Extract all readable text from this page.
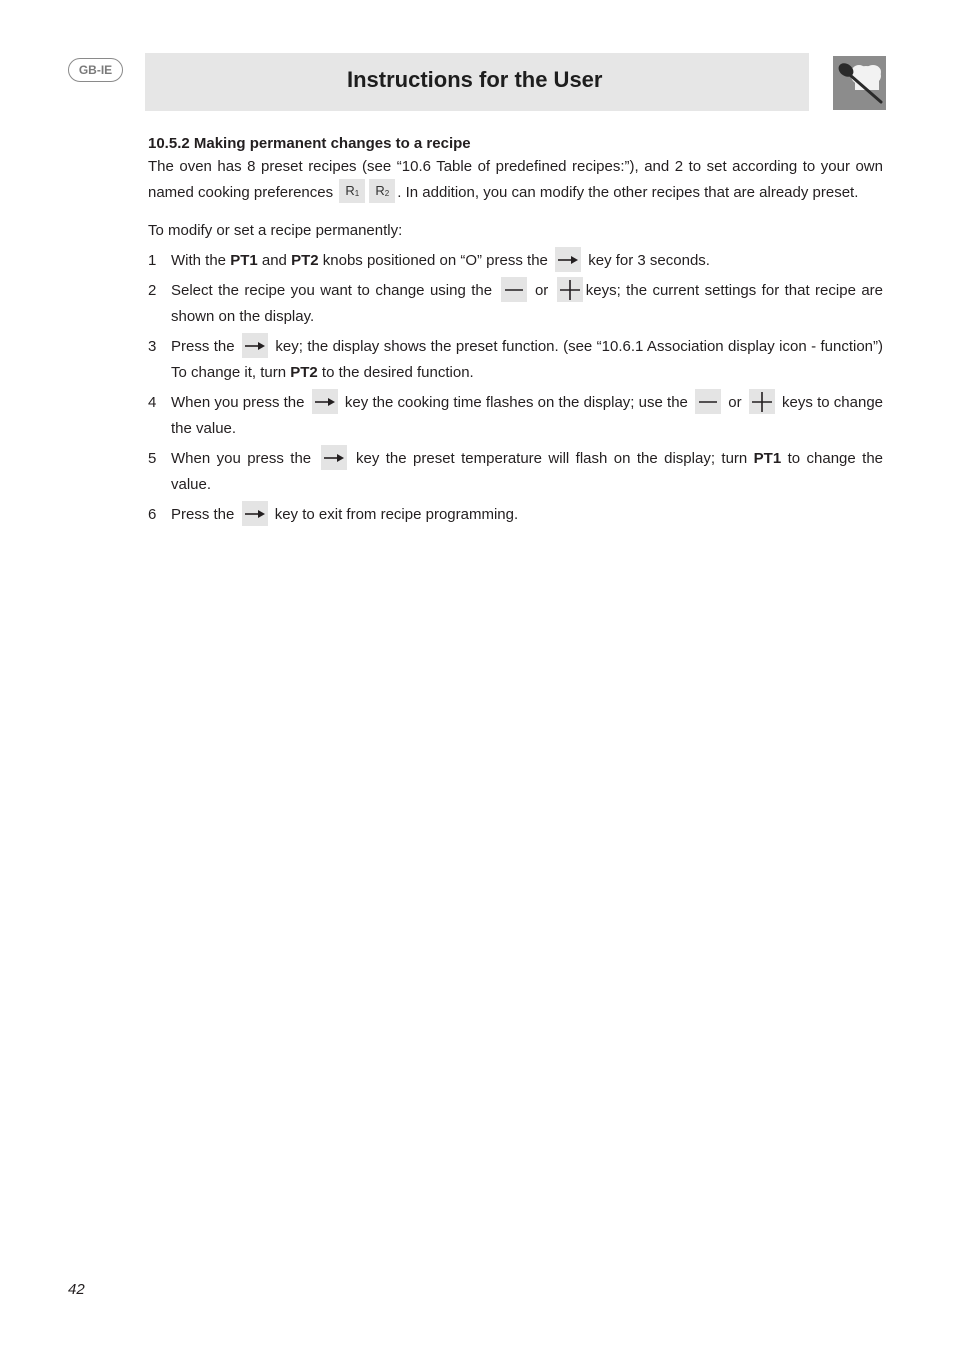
GB-IE	Instructions for the User

10.5.2 Making permanent changes to a recipe

The oven has 8 preset recipes (see “10.6 Table of predefined recipes:”), and 2 to set according to your own named cooking preferences $R_1$ $R_2$ . In addition, you can modify the other recipes that are already preset.

To modify or set a recipe permanently:

1 With the PT1 and PT2 knobs positioned on “O” press the	key for 3 seconds.
2 Select the recipe you want to change using the	or keys; the current settings for that recipe are shown on the display.
3 Press the	key; the display shows the preset function. (see “10.6.1 Association display icon - function”) To change it, turn PT2 to the desired function.
4 When you press the	key the cooking time flashes on the display; use the	or	keys to change the value.
5 When you press the	key the preset temperature will flash on the display; turn PT1 to change the value.
6 Press the	key to exit from recipe programming.
42
